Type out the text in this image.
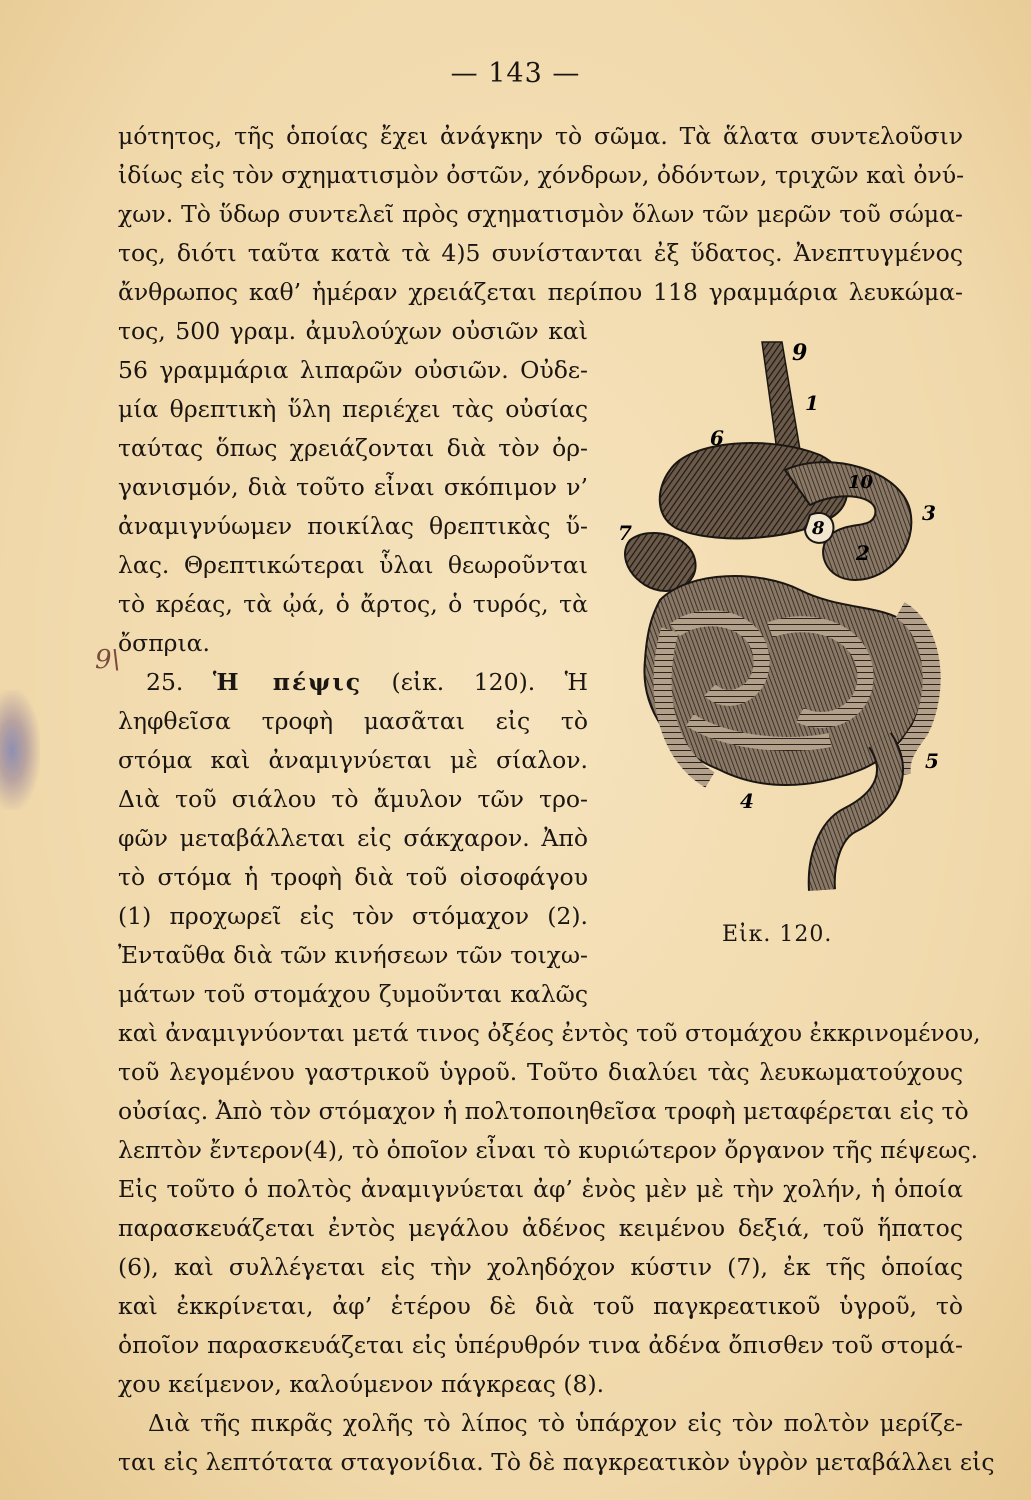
— 143 —
μότητος, τῆς ὁποίας ἔχει ἀνάγκην τὸ σῶμα. Τὰ ἅλατα συντελοῦσιν
ἰδίως εἰς τὸν σχηματισμὸν ὀστῶν, χόνδρων, ὀδόντων, τριχῶν καὶ ὀνύ-
χων. Τὸ ὕδωρ συντελεῖ πρὸς σχηματισμὸν ὅλων τῶν μερῶν τοῦ σώμα-
τος, διότι ταῦτα κατὰ τὰ 4)5 συνίστανται ἐξ ὕδατος. Ἀνεπτυγμένος
ἄνθρωπος καθ’ ἡμέραν χρειάζεται περίπου 118 γραμμάρια λευκώμα-
τος, 500 γραμ. ἀμυλούχων οὐσιῶν καὶ
56 γραμμάρια λιπαρῶν οὐσιῶν. Οὐδε-
μία θρεπτικὴ ὕλη περιέχει τὰς οὐσίας
ταύτας ὅπως χρειάζονται διὰ τὸν ὀρ-
γανισμόν, διὰ τοῦτο εἶναι σκόπιμον ν’
ἀναμιγνύωμεν ποικίλας θρεπτικὰς ὕ-
λας. Θρεπτικώτεραι ὗλαι θεωροῦνται
τὸ κρέας, τὰ ᾠά, ὁ ἄρτος, ὁ τυρός, τὰ
ὄσπρια.
9\
25. Ἡ πέψις (εἰκ. 120). Ἡ
ληφθεῖσα τροφὴ μασᾶται εἰς τὸ
στόμα καὶ ἀναμιγνύεται μὲ σίαλον.
Διὰ τοῦ σιάλου τὸ ἄμυλον τῶν τρο-
φῶν μεταβάλλεται εἰς σάκχαρον. Ἀπὸ
τὸ στόμα ἡ τροφὴ διὰ τοῦ οἰσοφάγου
(1) προχωρεῖ εἰς τὸν στόμαχον (2).
Ἐνταῦθα διὰ τῶν κινήσεων τῶν τοιχω-
μάτων τοῦ στομάχου ζυμοῦνται καλῶς
καὶ ἀναμιγνύονται μετά τινος ὀξέος ἐντὸς τοῦ στομάχου ἐκκρινομένου,
τοῦ λεγομένου γαστρικοῦ ὑγροῦ. Τοῦτο διαλύει τὰς λευκωματούχους
οὐσίας. Ἀπὸ τὸν στόμαχον ἡ πολτοποιηθεῖσα τροφὴ μεταφέρεται εἰς τὸ
λεπτὸν ἔντερον(4), τὸ ὁποῖον εἶναι τὸ κυριώτερον ὄργανον τῆς πέψεως.
Εἰς τοῦτο ὁ πολτὸς ἀναμιγνύεται ἀφ’ ἑνὸς μὲν μὲ τὴν χολήν, ἡ ὁποία
παρασκευάζεται ἐντὸς μεγάλου ἀδένος κειμένου δεξιά, τοῦ ἥπατος
(6), καὶ συλλέγεται εἰς τὴν χοληδόχον κύστιν (7), ἐκ τῆς ὁποίας
καὶ ἐκκρίνεται, ἀφ’ ἑτέρου δὲ διὰ τοῦ παγκρεατικοῦ ὑγροῦ, τὸ
ὁποῖον παρασκευάζεται εἰς ὑπέρυθρόν τινα ἀδένα ὄπισθεν τοῦ στομά-
χου κείμενον, καλούμενον πάγκρεας (8).
Διὰ τῆς πικρᾶς χολῆς τὸ λίπος τὸ ὑπάρχον εἰς τὸν πολτὸν μερίζε-
ται εἰς λεπτότατα σταγονίδια. Τὸ δὲ παγκρεατικὸν ὑγρὸν μεταβάλλει εἰς
9
1
6
10
3
7	8
2
5
4
Εἰκ. 120.
